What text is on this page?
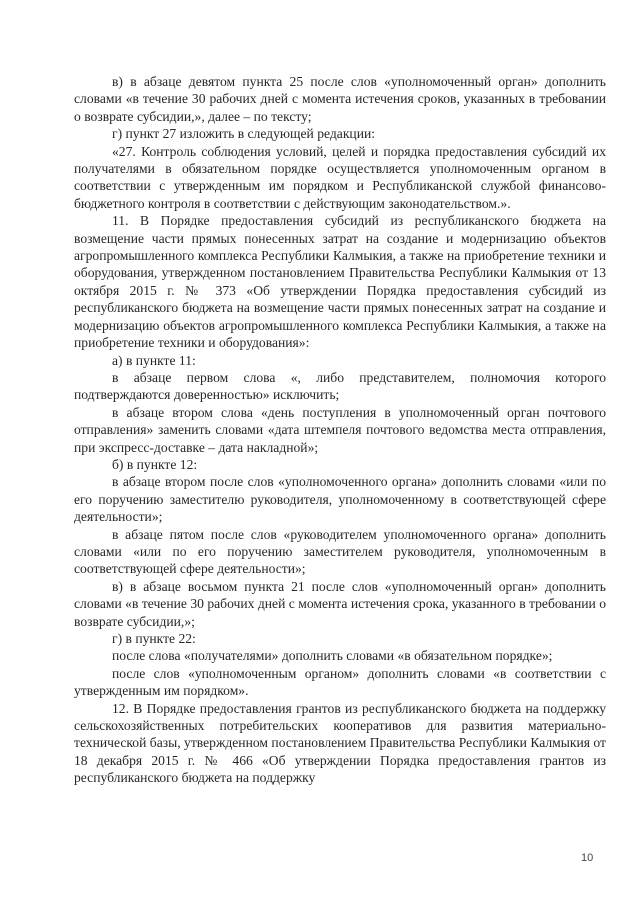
в) в абзаце девятом пункта 25 после слов «уполномоченный орган» дополнить словами «в течение 30 рабочих дней с момента истечения сроков, указанных в требовании о возврате субсидии,», далее – по тексту;

г) пункт 27 изложить в следующей редакции:

«27. Контроль соблюдения условий, целей и порядка предоставления субсидий их получателями в обязательном порядке осуществляется уполномоченным органом в соответствии с утвержденным им порядком и Республиканской службой финансово-бюджетного контроля в соответствии с действующим законодательством.».

11. В Порядке предоставления субсидий из республиканского бюджета на возмещение части прямых понесенных затрат на создание и модернизацию объектов агропромышленного комплекса Республики Калмыкия, а также на приобретение техники и оборудования, утвержденном постановлением Правительства Республики Калмыкия от 13 октября 2015 г. № 373 «Об утверждении Порядка предоставления субсидий из республиканского бюджета на возмещение части прямых понесенных затрат на создание и модернизацию объектов агропромышленного комплекса Республики Калмыкия, а также на приобретение техники и оборудования»:

а) в пункте 11:

в абзаце первом слова «, либо представителем, полномочия которого подтверждаются доверенностью» исключить;

в абзаце втором слова «день поступления в уполномоченный орган почтового отправления» заменить словами «дата штемпеля почтового ведомства места отправления, при экспресс-доставке – дата накладной»;

б) в пункте 12:

в абзаце втором после слов «уполномоченного органа» дополнить словами «или по его поручению заместителю руководителя, уполномоченному в соответствующей сфере деятельности»;

в абзаце пятом после слов «руководителем уполномоченного органа» дополнить словами «или по его поручению заместителем руководителя, уполномоченным в соответствующей сфере деятельности»;

в) в абзаце восьмом пункта 21 после слов «уполномоченный орган» дополнить словами «в течение 30 рабочих дней с момента истечения срока, указанного в требовании о возврате субсидии,»;

г) в пункте 22:

после слова «получателями» дополнить словами «в обязательном порядке»;

после слов «уполномоченным органом» дополнить словами «в соответствии с утвержденным им порядком».

12. В Порядке предоставления грантов из республиканского бюджета на поддержку сельскохозяйственных потребительских кооперативов для развития материально-технической базы, утвержденном постановлением Правительства Республики Калмыкия от 18 декабря 2015 г. № 466 «Об утверждении Порядка предоставления грантов из республиканского бюджета на поддержку

10
